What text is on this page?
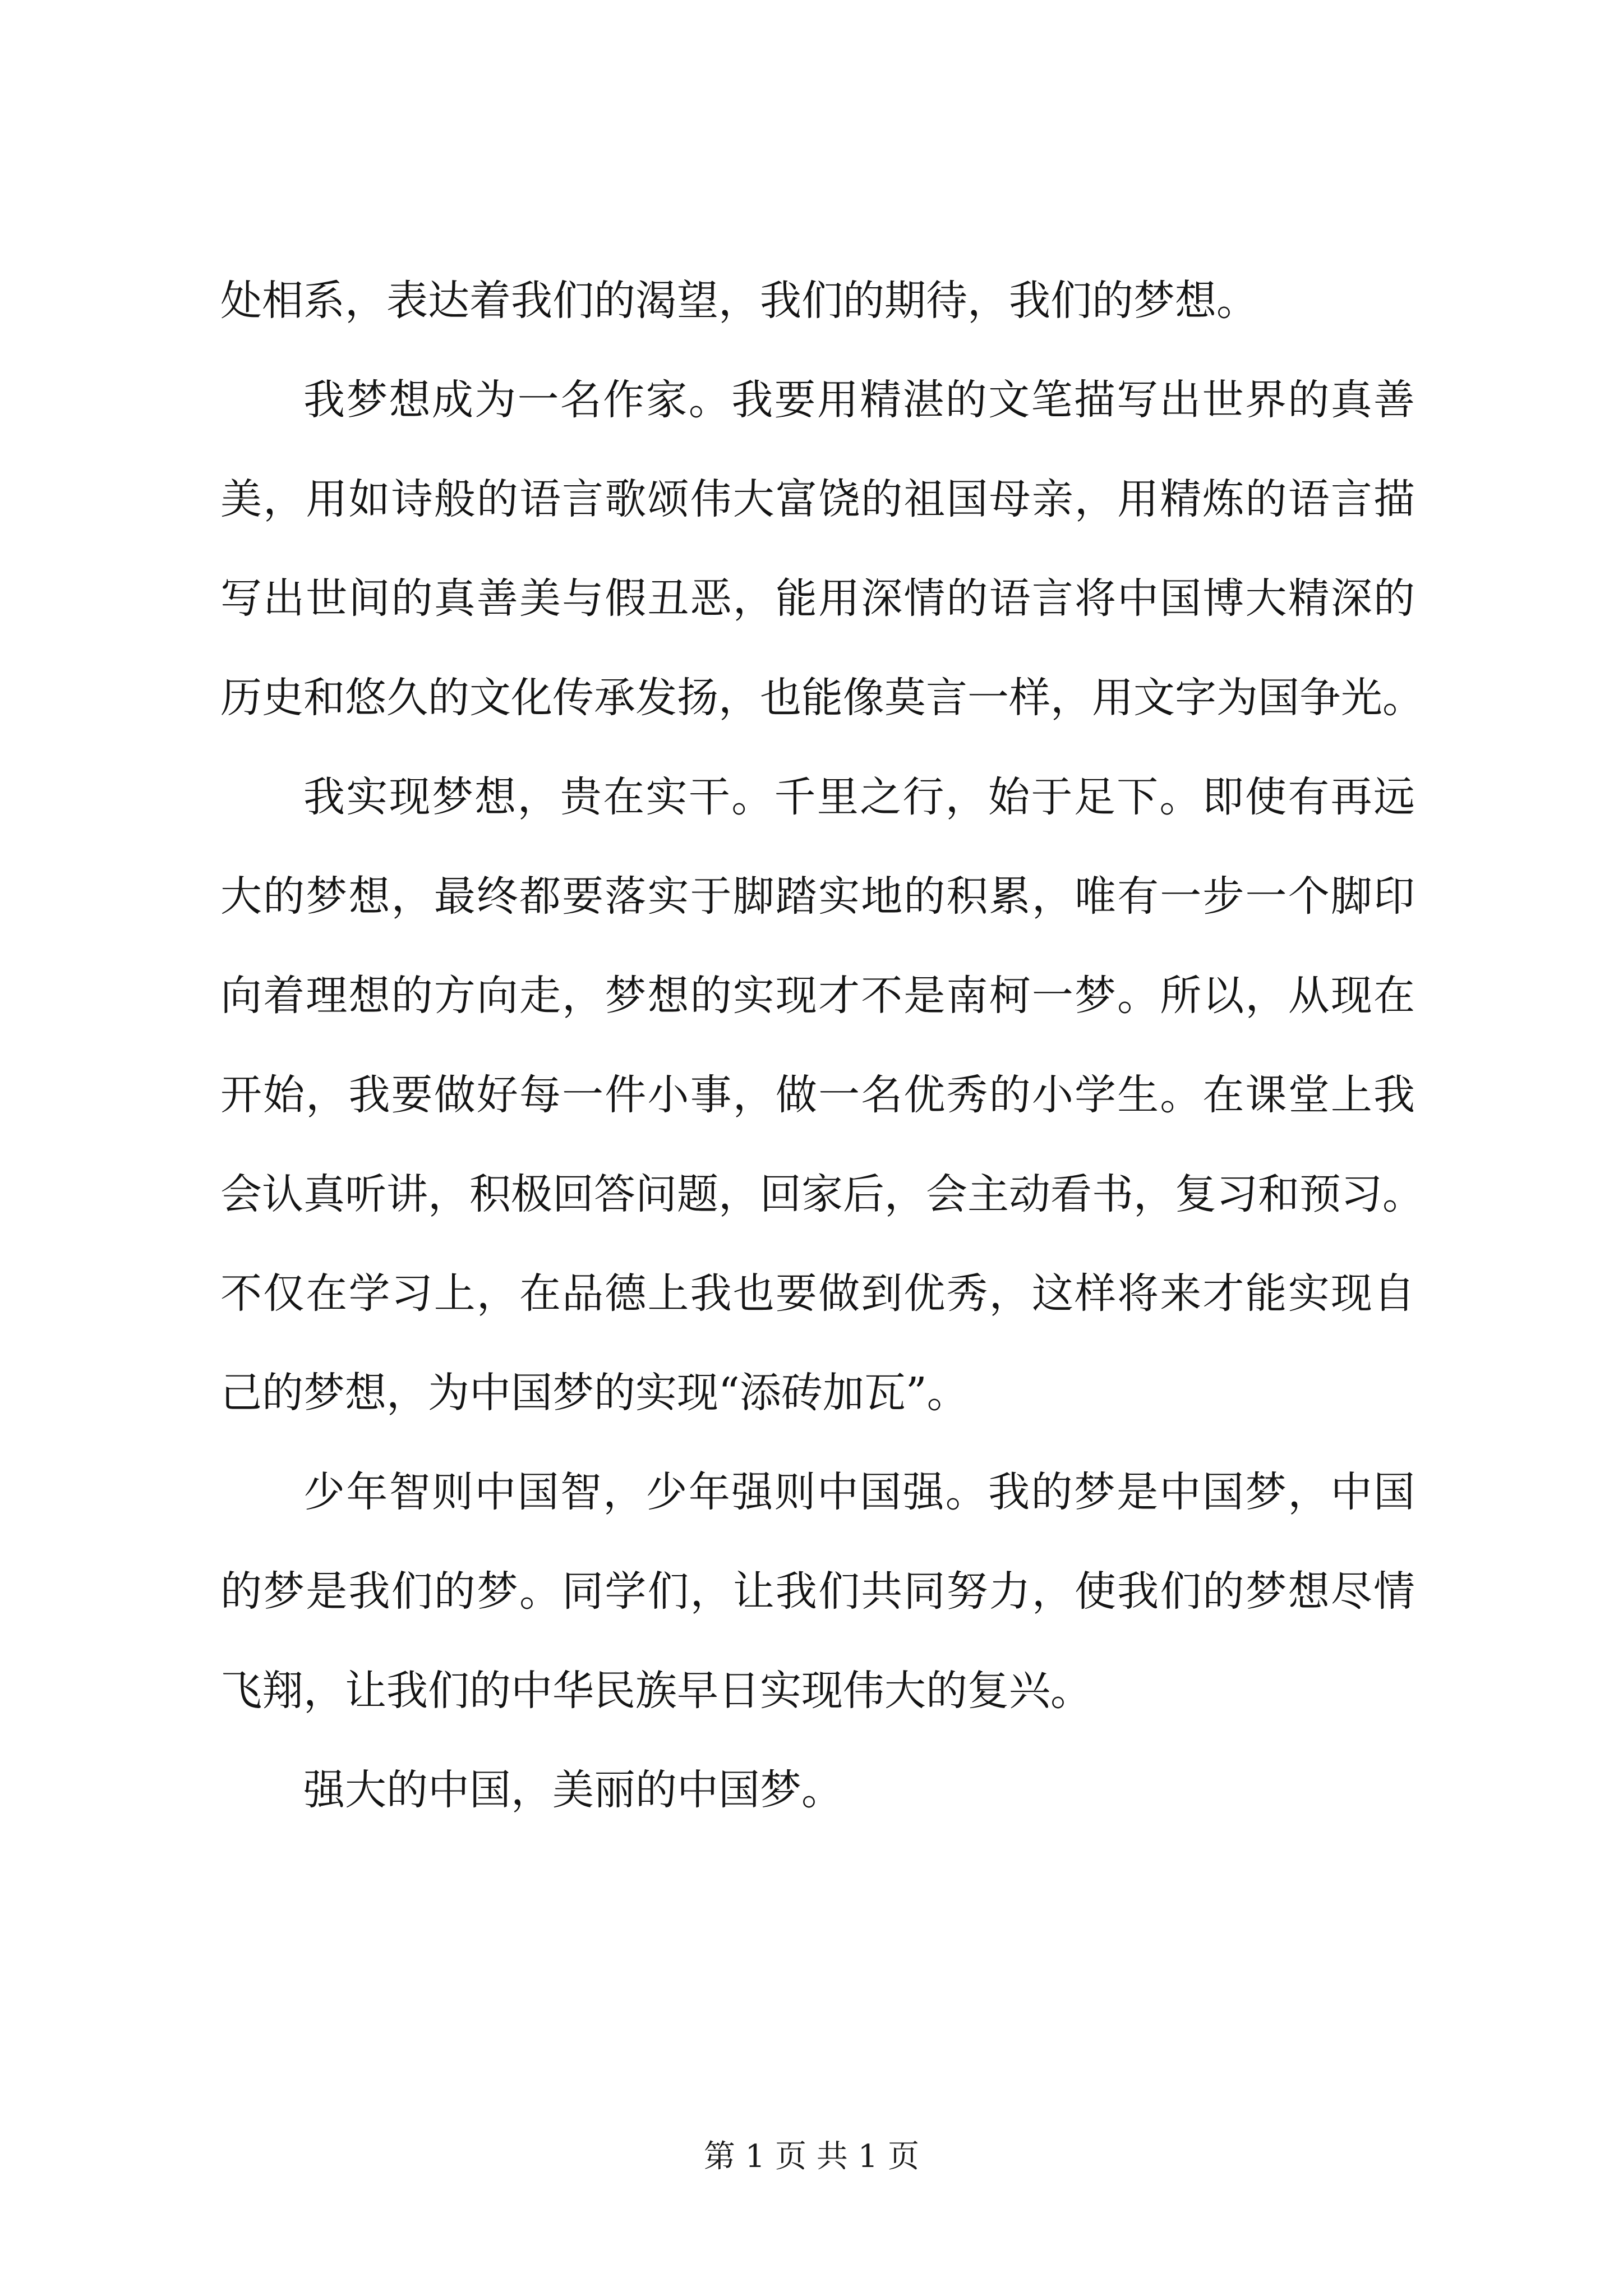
处相系，表达着我们的渴望，我们的期待，我们的梦想。
我梦想成为一名作家。我要用精湛的文笔描写出世界的真善
美，用如诗般的语言歌颂伟大富饶的祖国母亲，用精炼的语言描
写出世间的真善美与假丑恶，能用深情的语言将中国博大精深的
历史和悠久的文化传承发扬，也能像莫言一样，用文字为国争光。
我实现梦想，贵在实干。千里之行，始于足下。即使有再远
大的梦想，最终都要落实于脚踏实地的积累，唯有一步一个脚印
向着理想的方向走，梦想的实现才不是南柯一梦。所以，从现在
开始，我要做好每一件小事，做一名优秀的小学生。在课堂上我
会认真听讲，积极回答问题，回家后，会主动看书，复习和预习。
不仅在学习上，在品德上我也要做到优秀，这样将来才能实现自
己的梦想，为中国梦的实现“添砖加瓦”。
少年智则中国智，少年强则中国强。我的梦是中国梦，中国
的梦是我们的梦。同学们，让我们共同努力，使我们的梦想尽情
飞翔，让我们的中华民族早日实现伟大的复兴。
强大的中国，美丽的中国梦。
第 1 页 共 1 页
